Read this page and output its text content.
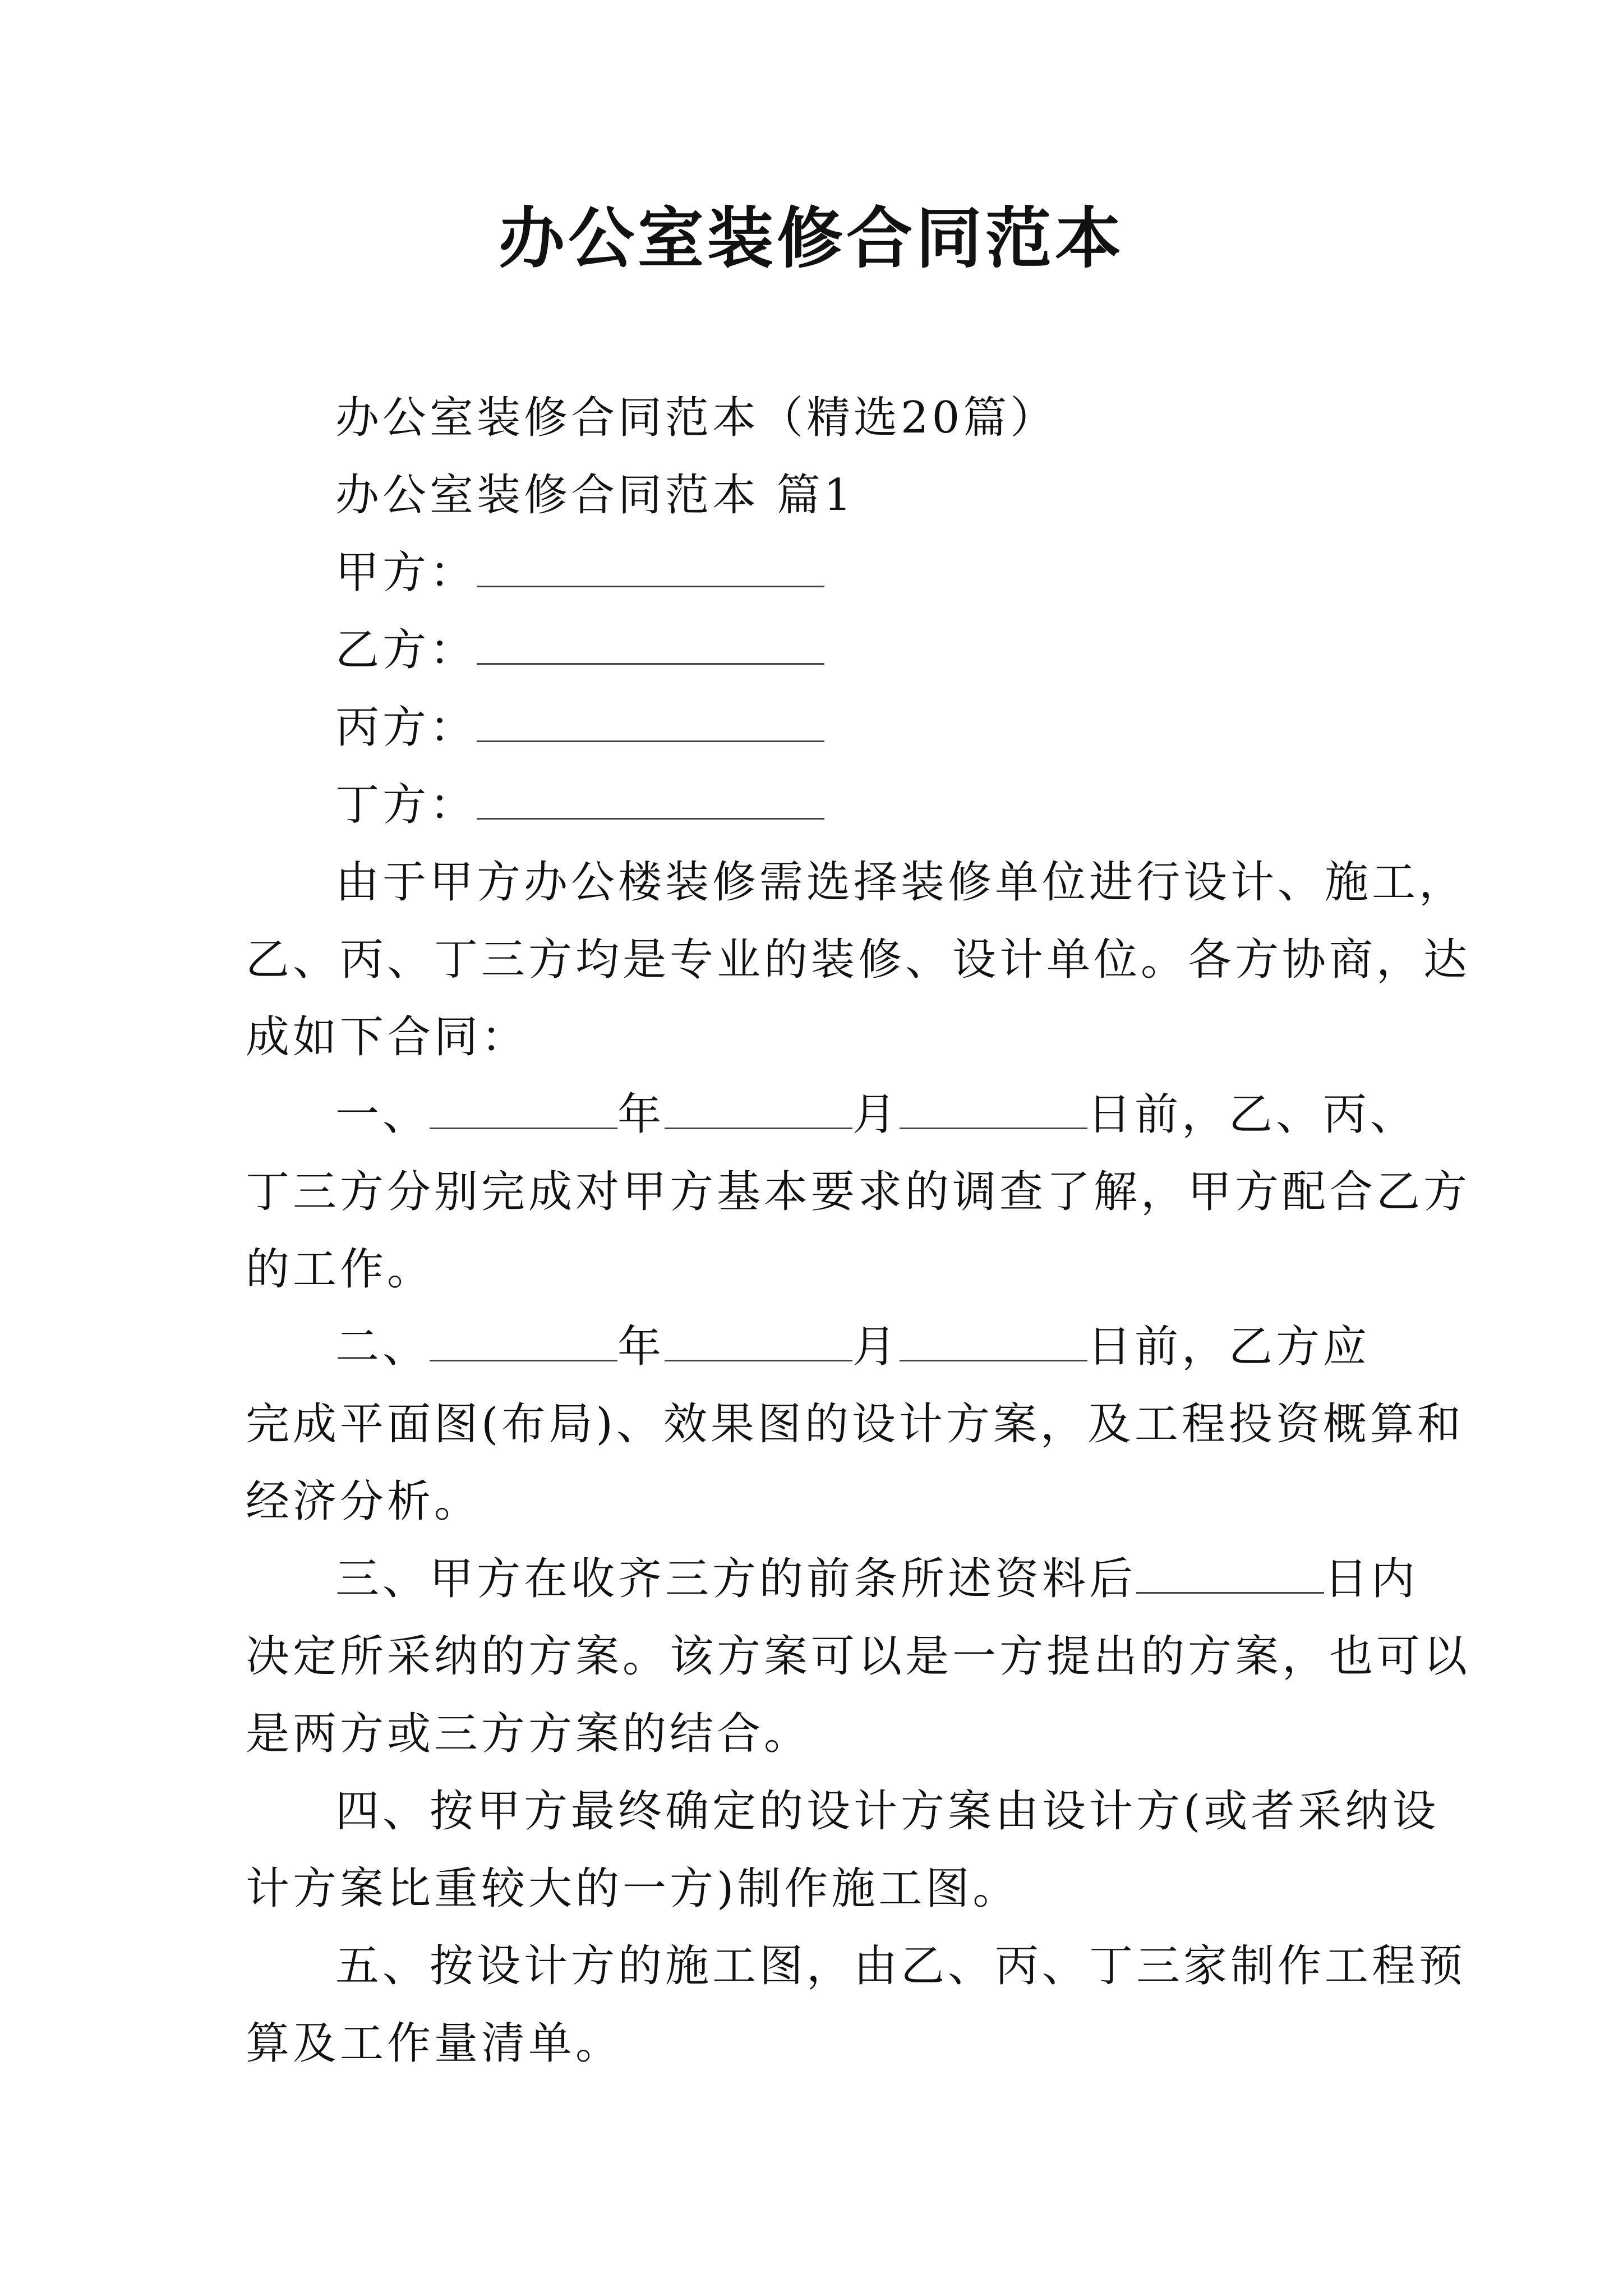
办公室装修合同范本
办公室装修合同范本（精选20篇）
办公室装修合同范本 篇1
甲方：
乙方：
丙方：
丁方：
由于甲方办公楼装修需选择装修单位进行设计、施工，
乙、丙、丁三方均是专业的装修、设计单位。各方协商，达
成如下合同：
一、	年	月	日前，乙、丙、
丁三方分别完成对甲方基本要求的调查了解，甲方配合乙方
的工作。
二、	年	月	日前，乙方应
完成平面图(布局)、效果图的设计方案，及工程投资概算和
经济分析。
三、甲方在收齐三方的前条所述资料后	日内
决定所采纳的方案。该方案可以是一方提出的方案，也可以
是两方或三方方案的结合。
四、按甲方最终确定的设计方案由设计方(或者采纳设
计方案比重较大的一方)制作施工图。
五、按设计方的施工图，由乙、丙、丁三家制作工程预
算及工作量清单。
